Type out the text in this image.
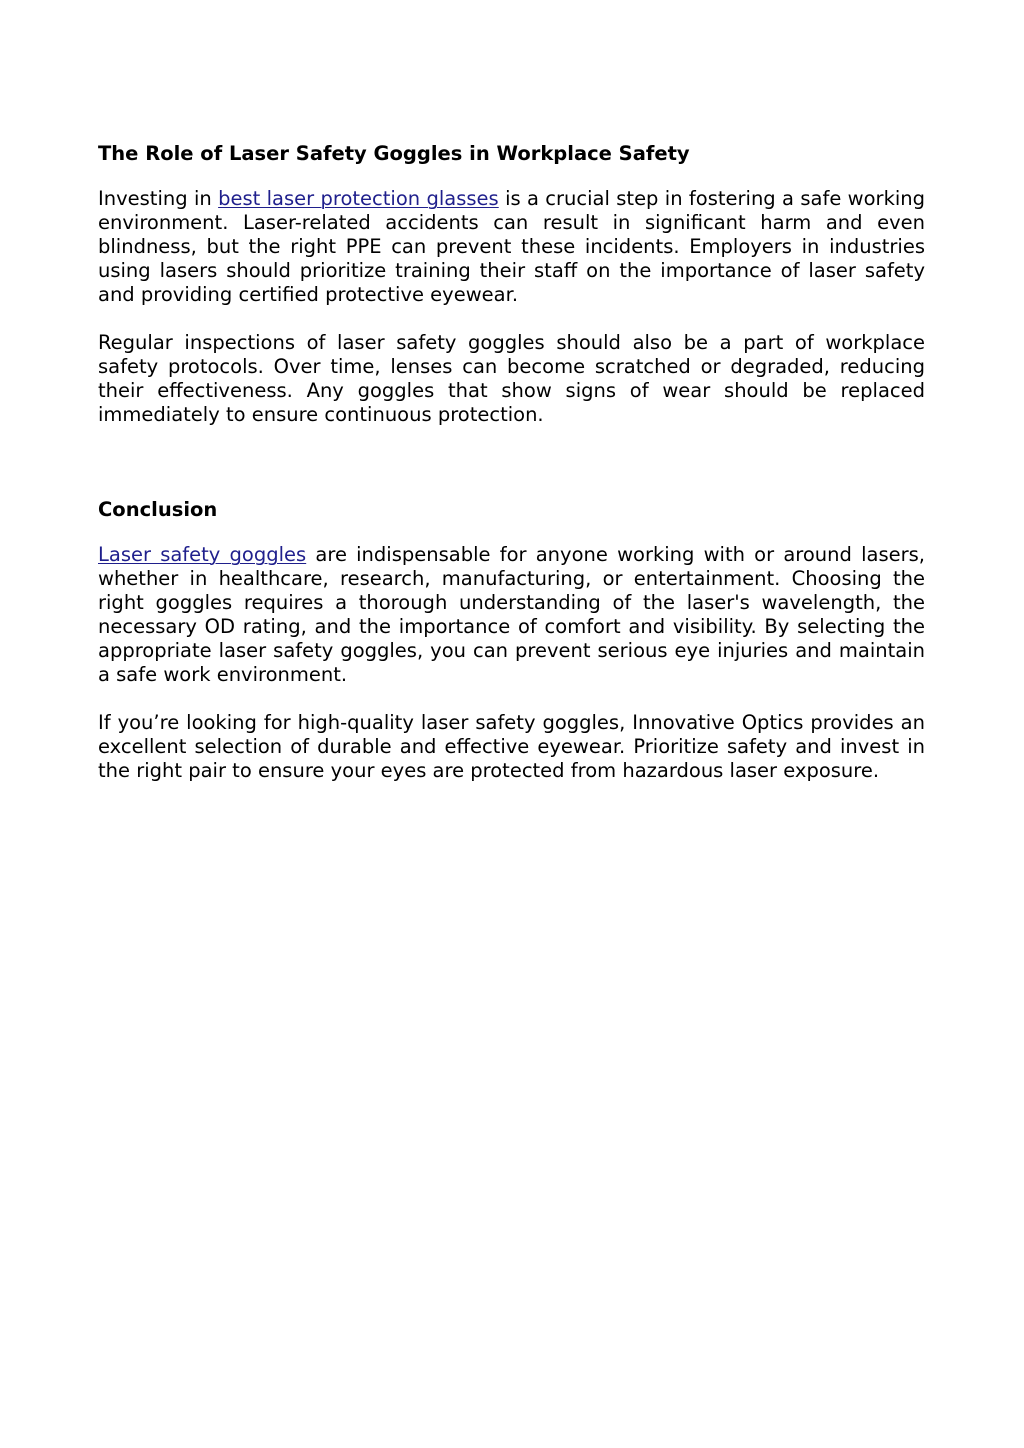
The Role of Laser Safety Goggles in Workplace Safety

Investing in best laser protection glasses is a crucial step in fostering a safe working environment. Laser-related accidents can result in significant harm and even blindness, but the right PPE can prevent these incidents. Employers in industries using lasers should prioritize training their staff on the importance of laser safety and providing certified protective eyewear.

Regular inspections of laser safety goggles should also be a part of workplace safety protocols. Over time, lenses can become scratched or degraded, reducing their effectiveness. Any goggles that show signs of wear should be replaced immediately to ensure continuous protection.

Conclusion

Laser safety goggles are indispensable for anyone working with or around lasers, whether in healthcare, research, manufacturing, or entertainment. Choosing the right goggles requires a thorough understanding of the laser's wavelength, the necessary OD rating, and the importance of comfort and visibility. By selecting the appropriate laser safety goggles, you can prevent serious eye injuries and maintain a safe work environment.

If you’re looking for high-quality laser safety goggles, Innovative Optics provides an excellent selection of durable and effective eyewear. Prioritize safety and invest in the right pair to ensure your eyes are protected from hazardous laser exposure.
